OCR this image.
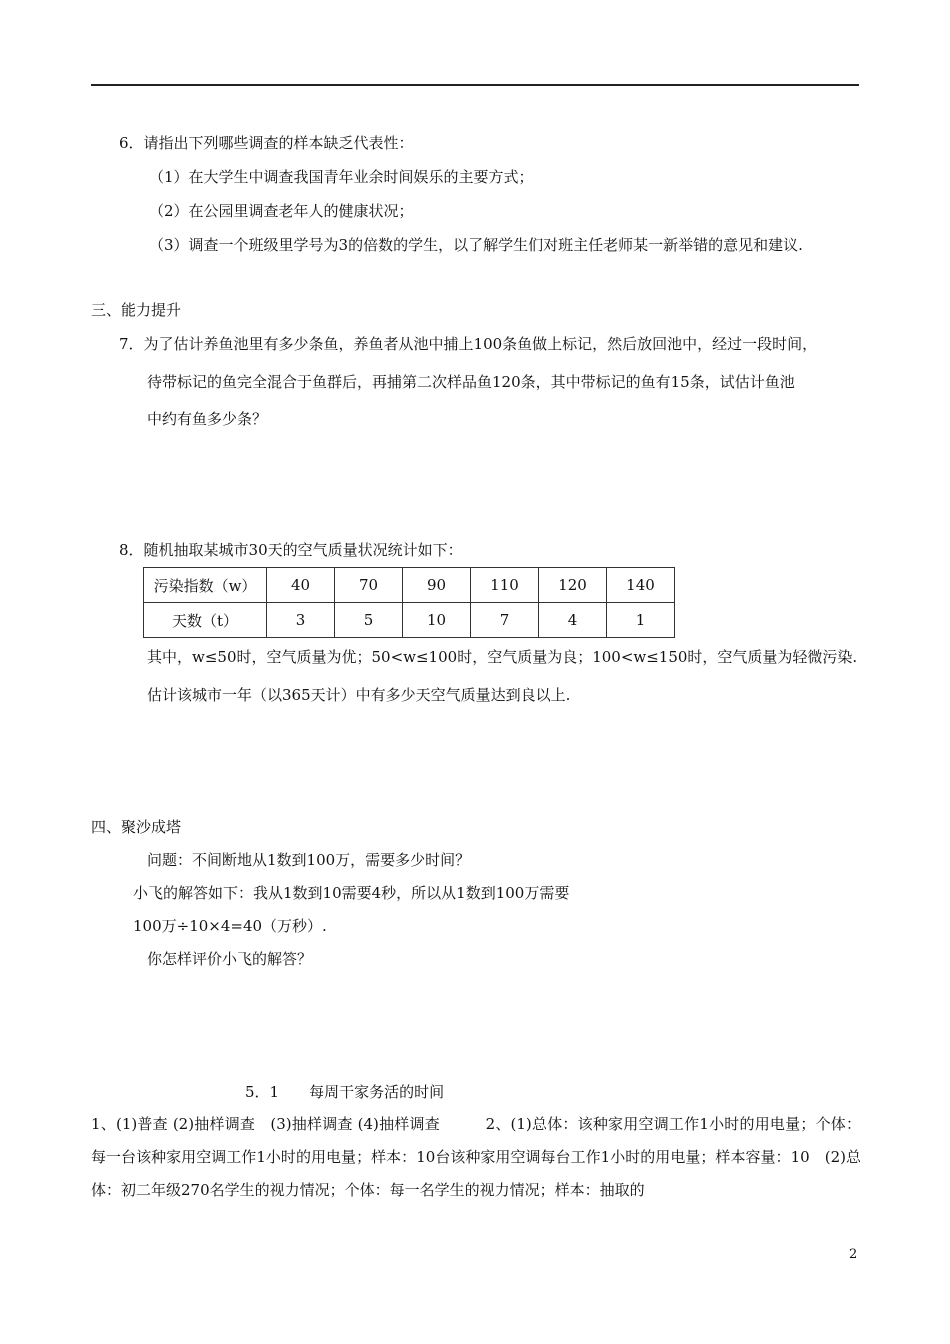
6．请指出下列哪些调查的样本缺乏代表性：
（1）在大学生中调查我国青年业余时间娱乐的主要方式；
（2）在公园里调查老年人的健康状况；
（3）调查一个班级里学号为3的倍数的学生，以了解学生们对班主任老师某一新举错的意见和建议.
三、能力提升
7．为了估计养鱼池里有多少条鱼，养鱼者从池中捕上100条鱼做上标记，然后放回池中，经过一段时间，
待带标记的鱼完全混合于鱼群后，再捕第二次样品鱼120条，其中带标记的鱼有15条，试估计鱼池
中约有鱼多少条？
8．随机抽取某城市30天的空气质量状况统计如下：
污染指数（w）	40	70	90	110	120	140
天数（t）	3	5	10	7	4	1
其中，w≤50时，空气质量为优；50<w≤100时，空气质量为良；100<w≤150时，空气质量为轻微污染.
估计该城市一年（以365天计）中有多少天空气质量达到良以上.
四、聚沙成塔
问题：不间断地从1数到100万，需要多少时间？
小飞的解答如下：我从1数到10需要4秒，所以从1数到100万需要
100万÷10×4=40（万秒）.
你怎样评价小飞的解答？
5．1　　每周干家务活的时间
1、(1)普查 (2)抽样调查　(3)抽样调查 (4)抽样调查　　　2、(1)总体：该种家用空调工作1小时的用电量；个体：每一台该种家用空调工作1小时的用电量；样本：10台该种家用空调每台工作1小时的用电量；样本容量：10　(2)总体：初二年级270名学生的视力情况；个体：每一名学生的视力情况；样本：抽取的
2
